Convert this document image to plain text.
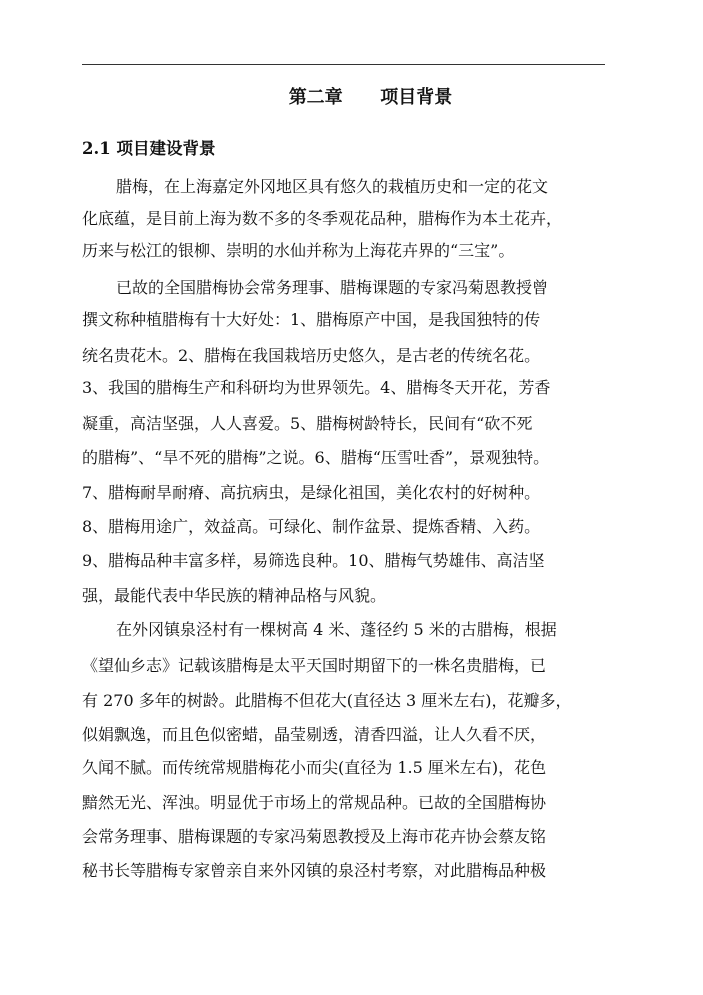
第二章      项目背景
2.1 项目建设背景
腊梅，在上海嘉定外冈地区具有悠久的栽植历史和一定的花文
化底蕴，是目前上海为数不多的冬季观花品种，腊梅作为本土花卉，
历来与松江的银柳、崇明的水仙并称为上海花卉界的“三宝”。
已故的全国腊梅协会常务理事、腊梅课题的专家冯菊恩教授曾
撰文称种植腊梅有十大好处：1、腊梅原产中国，是我国独特的传
统名贵花木。2、腊梅在我国栽培历史悠久，是古老的传统名花。
3、我国的腊梅生产和科研均为世界领先。4、腊梅冬天开花，芳香
凝重，高洁坚强，人人喜爱。5、腊梅树龄特长，民间有“砍不死
的腊梅”、“旱不死的腊梅”之说。6、腊梅“压雪吐香”，景观独特。
7、腊梅耐旱耐瘠、高抗病虫，是绿化祖国，美化农村的好树种。
8、腊梅用途广，效益高。可绿化、制作盆景、提炼香精、入药。
9、腊梅品种丰富多样，易筛选良种。10、腊梅气势雄伟、高洁坚
强，最能代表中华民族的精神品格与风貌。
在外冈镇泉泾村有一棵树高 4 米、蓬径约 5 米的古腊梅，根据
《望仙乡志》记载该腊梅是太平天国时期留下的一株名贵腊梅，已
有 270 多年的树龄。此腊梅不但花大(直径达 3 厘米左右)，花瓣多，
似娟飘逸，而且色似密蜡，晶莹剔透，清香四溢，让人久看不厌，
久闻不腻。而传统常规腊梅花小而尖(直径为 1.5 厘米左右)，花色
黯然无光、浑浊。明显优于市场上的常规品种。已故的全国腊梅协
会常务理事、腊梅课题的专家冯菊恩教授及上海市花卉协会蔡友铭
秘书长等腊梅专家曾亲自来外冈镇的泉泾村考察，对此腊梅品种极
